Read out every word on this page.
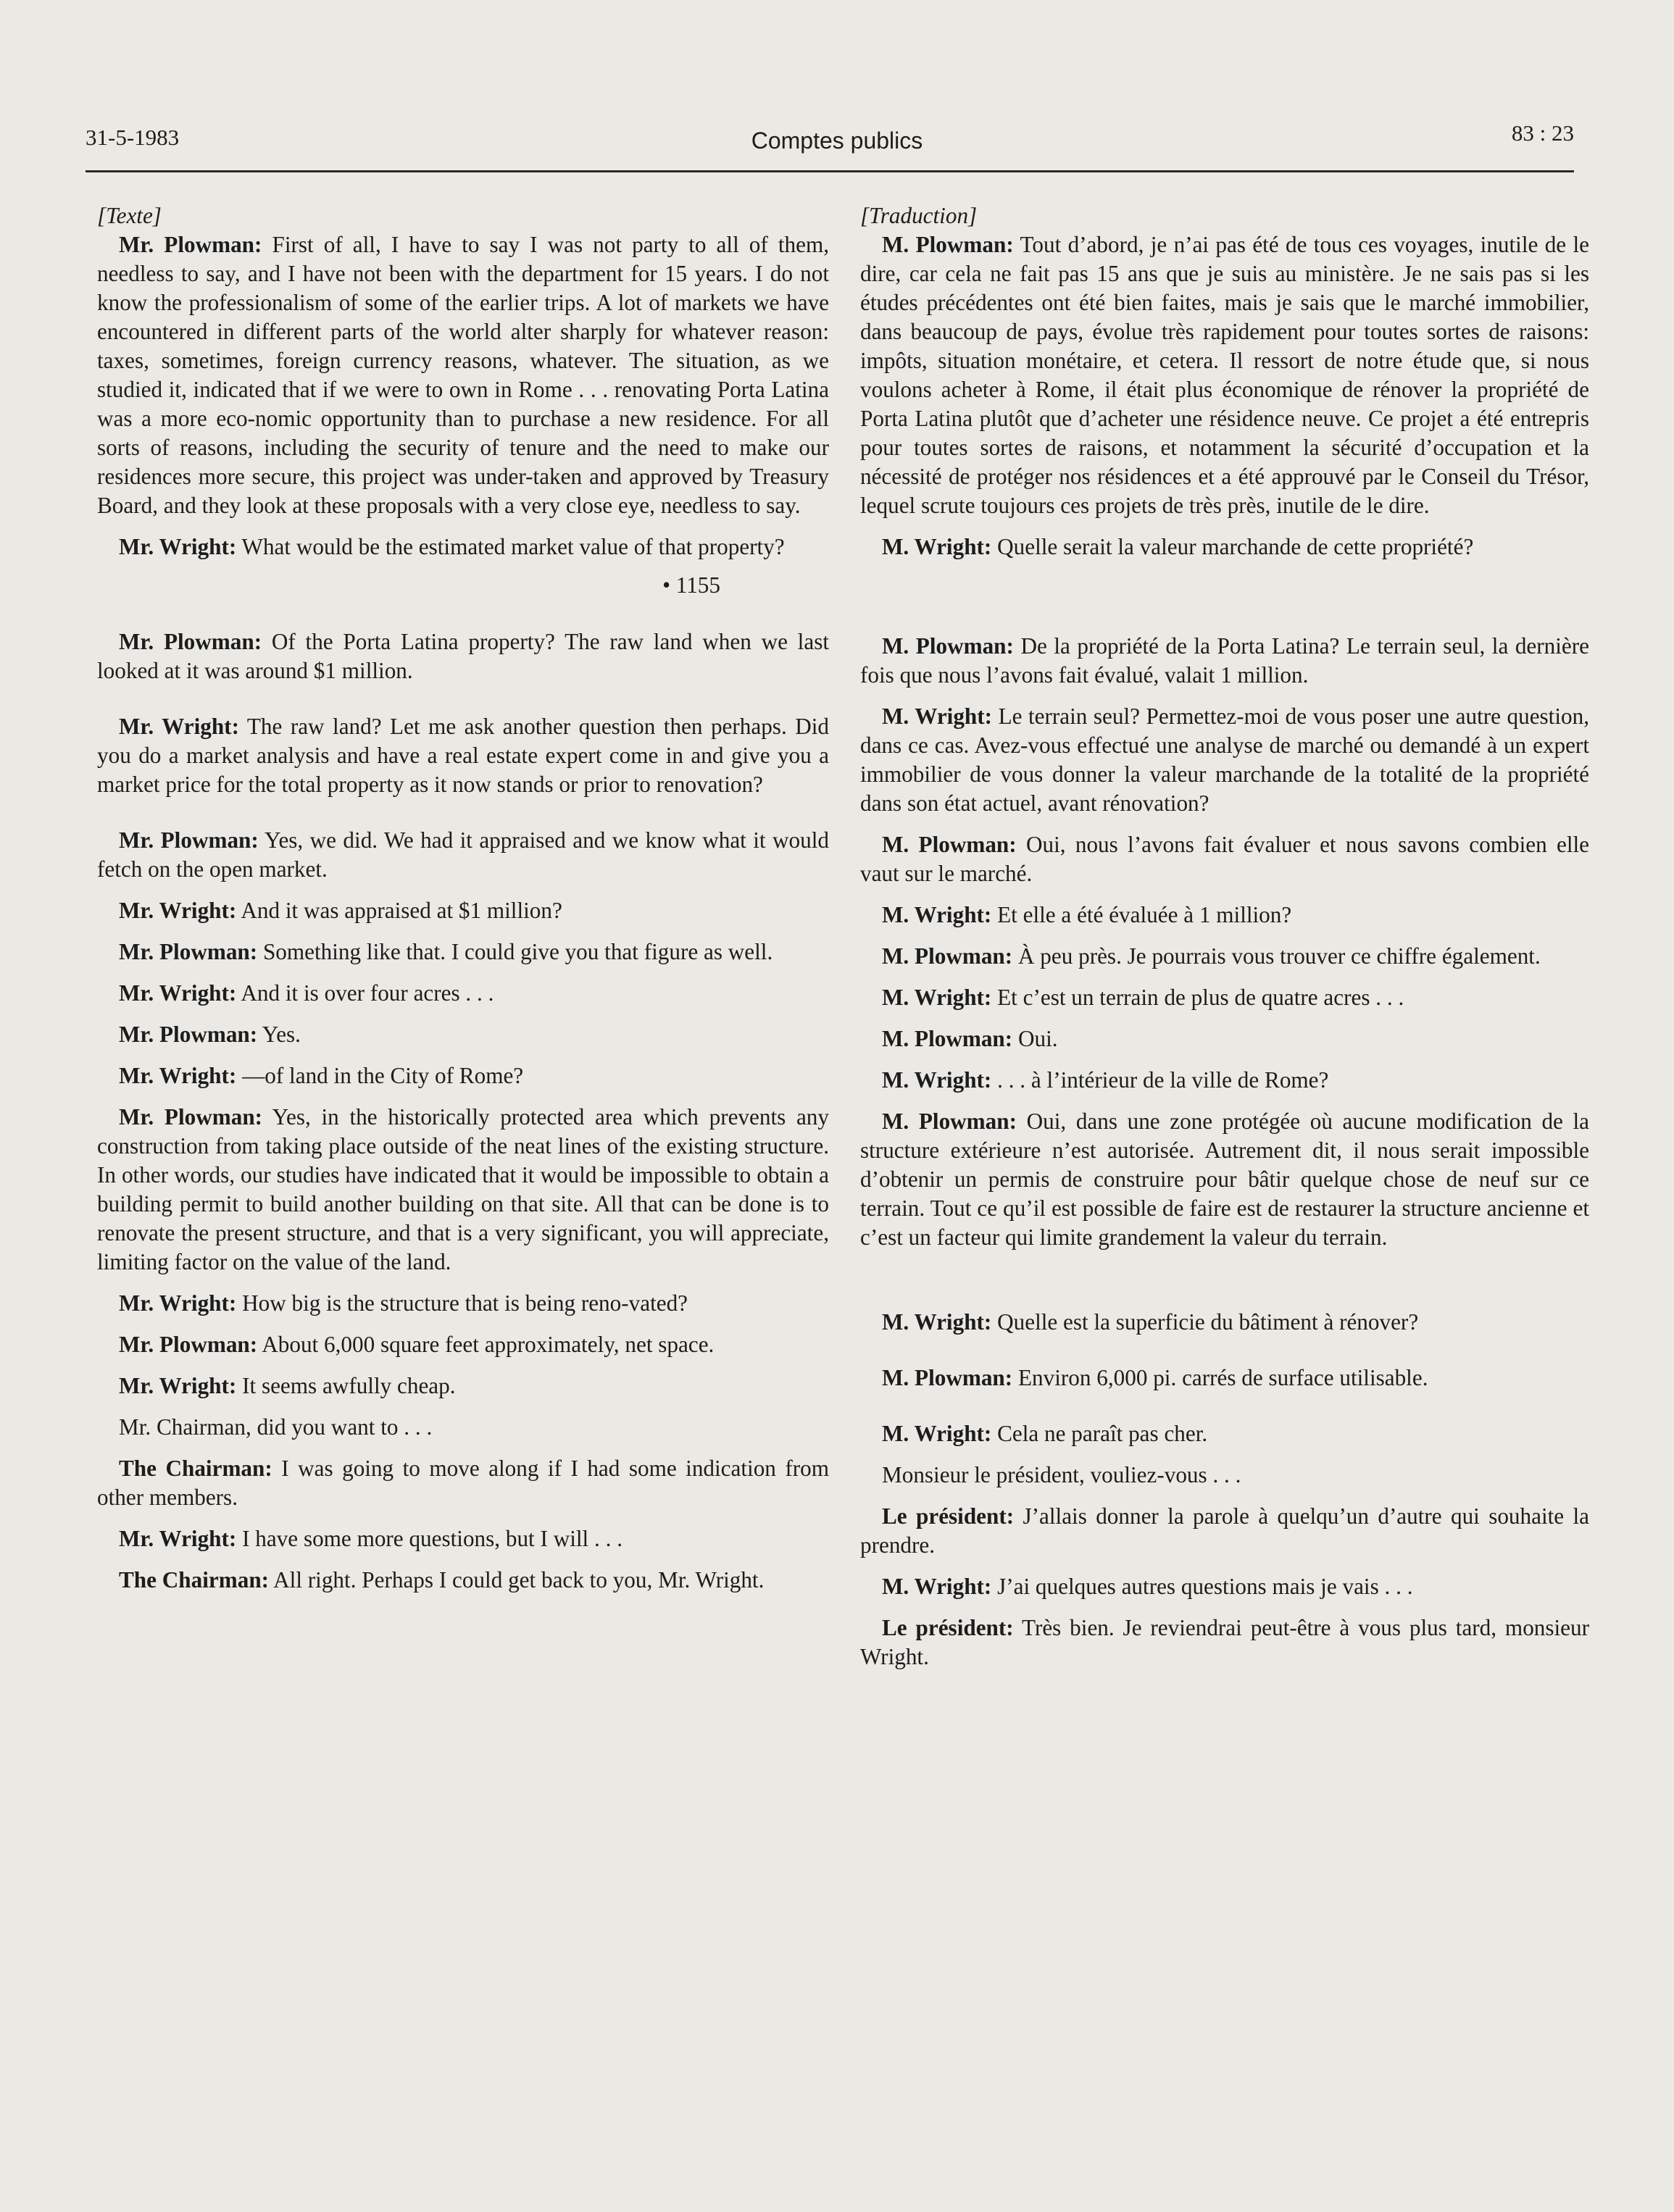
31-5-1983	Comptes publics	83 : 23
[Texte]

Mr. Plowman: First of all, I have to say I was not party to all of them, needless to say, and I have not been with the department for 15 years. I do not know the professionalism of some of the earlier trips. A lot of markets we have encountered in different parts of the world alter sharply for whatever reason: taxes, sometimes, foreign currency reasons, whatever. The situation, as we studied it, indicated that if we were to own in Rome . . . renovating Porta Latina was a more eco-nomic opportunity than to purchase a new residence. For all sorts of reasons, including the security of tenure and the need to make our residences more secure, this project was under-taken and approved by Treasury Board, and they look at these proposals with a very close eye, needless to say.

Mr. Wright: What would be the estimated market value of that property?

• 1155

Mr. Plowman: Of the Porta Latina property? The raw land when we last looked at it was around $1 million.

Mr. Wright: The raw land? Let me ask another question then perhaps. Did you do a market analysis and have a real estate expert come in and give you a market price for the total property as it now stands or prior to renovation?

Mr. Plowman: Yes, we did. We had it appraised and we know what it would fetch on the open market.

Mr. Wright: And it was appraised at $1 million?

Mr. Plowman: Something like that. I could give you that figure as well.

Mr. Wright: And it is over four acres . . .

Mr. Plowman: Yes.

Mr. Wright: —of land in the City of Rome?

Mr. Plowman: Yes, in the historically protected area which prevents any construction from taking place outside of the neat lines of the existing structure. In other words, our studies have indicated that it would be impossible to obtain a building permit to build another building on that site. All that can be done is to renovate the present structure, and that is a very significant, you will appreciate, limiting factor on the value of the land.

Mr. Wright: How big is the structure that is being reno-vated?

Mr. Plowman: About 6,000 square feet approximately, net space.

Mr. Wright: It seems awfully cheap.

Mr. Chairman, did you want to . . .

The Chairman: I was going to move along if I had some indication from other members.

Mr. Wright: I have some more questions, but I will . . .

The Chairman: All right. Perhaps I could get back to you, Mr. Wright.

[Traduction]

M. Plowman: Tout d’abord, je n’ai pas été de tous ces voyages, inutile de le dire, car cela ne fait pas 15 ans que je suis au ministère. Je ne sais pas si les études précédentes ont été bien faites, mais je sais que le marché immobilier, dans beaucoup de pays, évolue très rapidement pour toutes sortes de raisons: impôts, situation monétaire, et cetera. Il ressort de notre étude que, si nous voulons acheter à Rome, il était plus économique de rénover la propriété de Porta Latina plutôt que d’acheter une résidence neuve. Ce projet a été entrepris pour toutes sortes de raisons, et notamment la sécurité d’occupation et la nécessité de protéger nos résidences et a été approuvé par le Conseil du Trésor, lequel scrute toujours ces projets de très près, inutile de le dire.

M. Wright: Quelle serait la valeur marchande de cette propriété?

M. Plowman: De la propriété de la Porta Latina? Le terrain seul, la dernière fois que nous l’avons fait évalué, valait 1 million.

M. Wright: Le terrain seul? Permettez-moi de vous poser une autre question, dans ce cas. Avez-vous effectué une analyse de marché ou demandé à un expert immobilier de vous donner la valeur marchande de la totalité de la propriété dans son état actuel, avant rénovation?

M. Plowman: Oui, nous l’avons fait évaluer et nous savons combien elle vaut sur le marché.

M. Wright: Et elle a été évaluée à 1 million?

M. Plowman: À peu près. Je pourrais vous trouver ce chiffre également.

M. Wright: Et c’est un terrain de plus de quatre acres . . .

M. Plowman: Oui.

M. Wright: . . . à l’intérieur de la ville de Rome?

M. Plowman: Oui, dans une zone protégée où aucune modification de la structure extérieure n’est autorisée. Autrement dit, il nous serait impossible d’obtenir un permis de construire pour bâtir quelque chose de neuf sur ce terrain. Tout ce qu’il est possible de faire est de restaurer la structure ancienne et c’est un facteur qui limite grandement la valeur du terrain.

M. Wright: Quelle est la superficie du bâtiment à rénover?

M. Plowman: Environ 6,000 pi. carrés de surface utilisable.

M. Wright: Cela ne paraît pas cher.

Monsieur le président, vouliez-vous . . .

Le président: J’allais donner la parole à quelqu’un d’autre qui souhaite la prendre.

M. Wright: J’ai quelques autres questions mais je vais . . .

Le président: Très bien. Je reviendrai peut-être à vous plus tard, monsieur Wright.
